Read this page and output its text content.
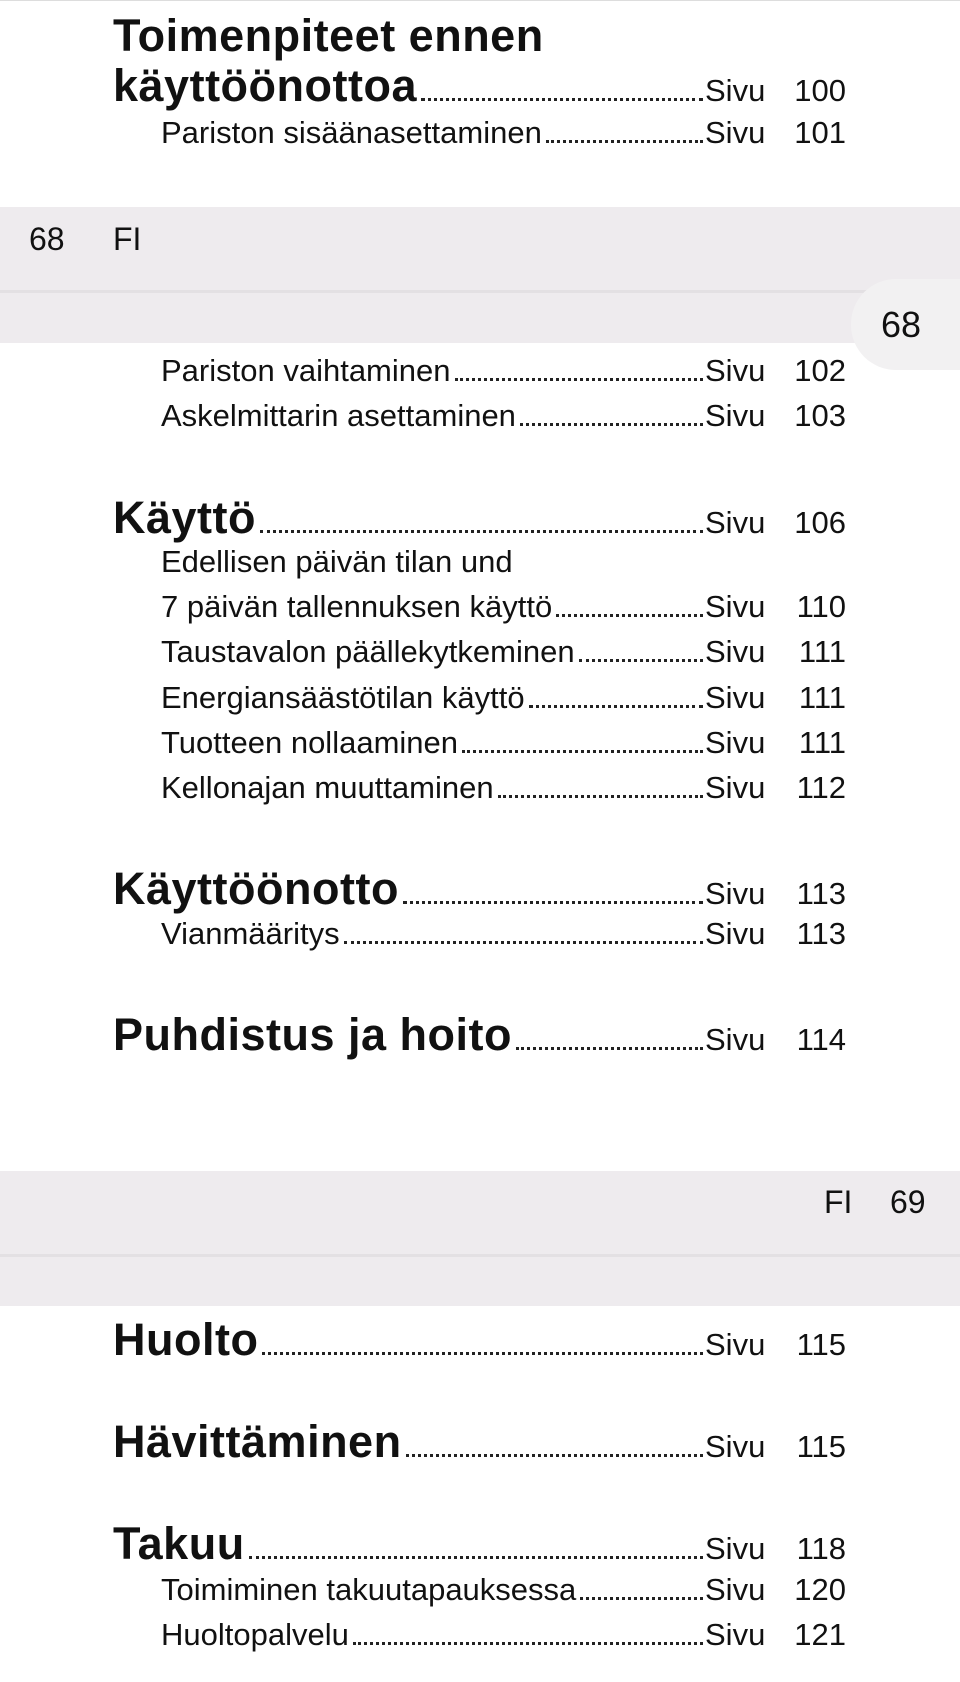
Toimenpiteet ennen
käyttöönottoa	Sivu 100
Pariston sisäänasettaminen	Sivu 101
68 FI
68
Pariston vaihtaminen	Sivu 102
Askelmittarin asettaminen	Sivu 103
Käyttö	Sivu 106
Edellisen päivän tilan und
7 päivän tallennuksen käyttö	Sivu 110
Taustavalon päällekytkeminen	Sivu 111
Energiansäästötilan käyttö	Sivu 111
Tuotteen nollaaminen	Sivu 111
Kellonajan muuttaminen	Sivu 112
Käyttöönotto	Sivu 113
Vianmääritys	Sivu 113
Puhdistus ja hoito	Sivu 114
FI 69
Huolto	Sivu 115
Hävittäminen	Sivu 115
Takuu	Sivu 118
Toimiminen takuutapauksessa	Sivu 120
Huoltopalvelu	Sivu 121
